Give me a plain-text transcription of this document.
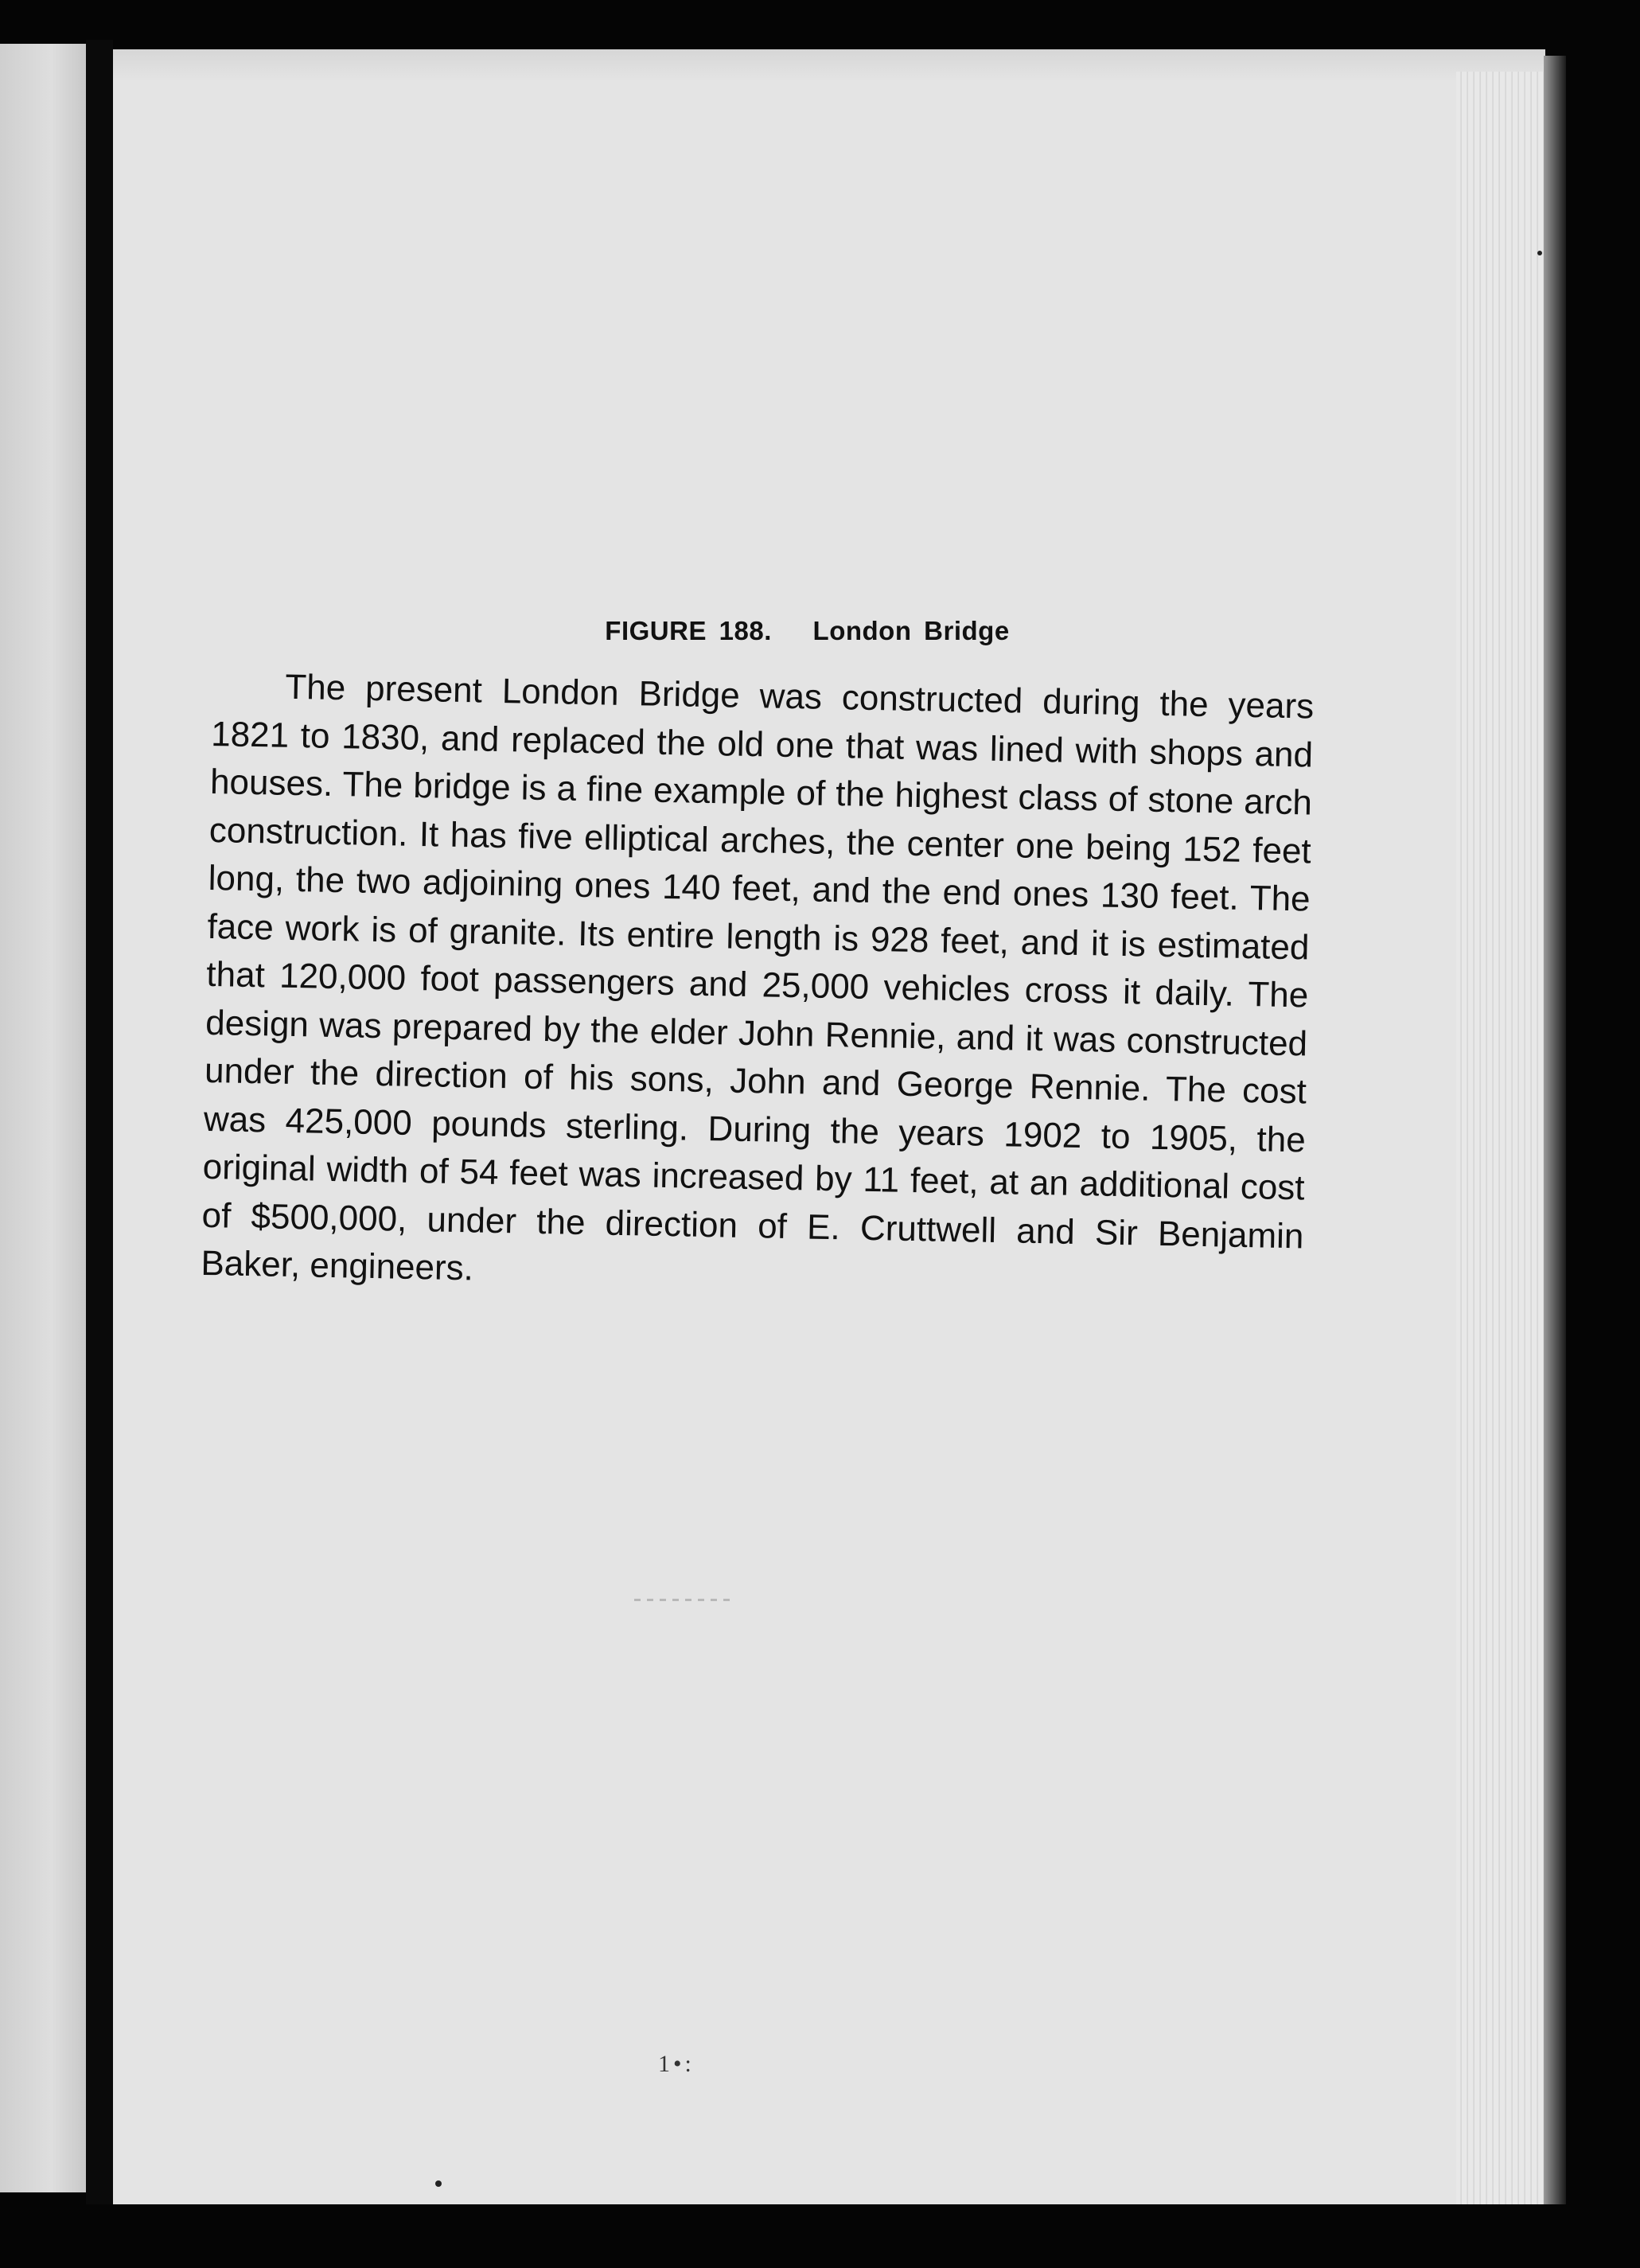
FIGURE 188. London Bridge

The present London Bridge was constructed during the years 1821 to 1830, and replaced the old one that was lined with shops and houses. The bridge is a fine example of the highest class of stone arch construction. It has five elliptical arches, the center one being 152 feet long, the two adjoining ones 140 feet, and the end ones 130 feet. The face work is of granite. Its entire length is 928 feet, and it is estimated that 120,000 foot passengers and 25,000 vehicles cross it daily. The design was prepared by the elder John Rennie, and it was constructed under the direction of his sons, John and George Rennie. The cost was 425,000 pounds sterling. During the years 1902 to 1905, the original width of 54 feet was increased by 11 feet, at an additional cost of $500,000, under the direction of E. Cruttwell and Sir Benjamin Baker, engineers.

1•:
